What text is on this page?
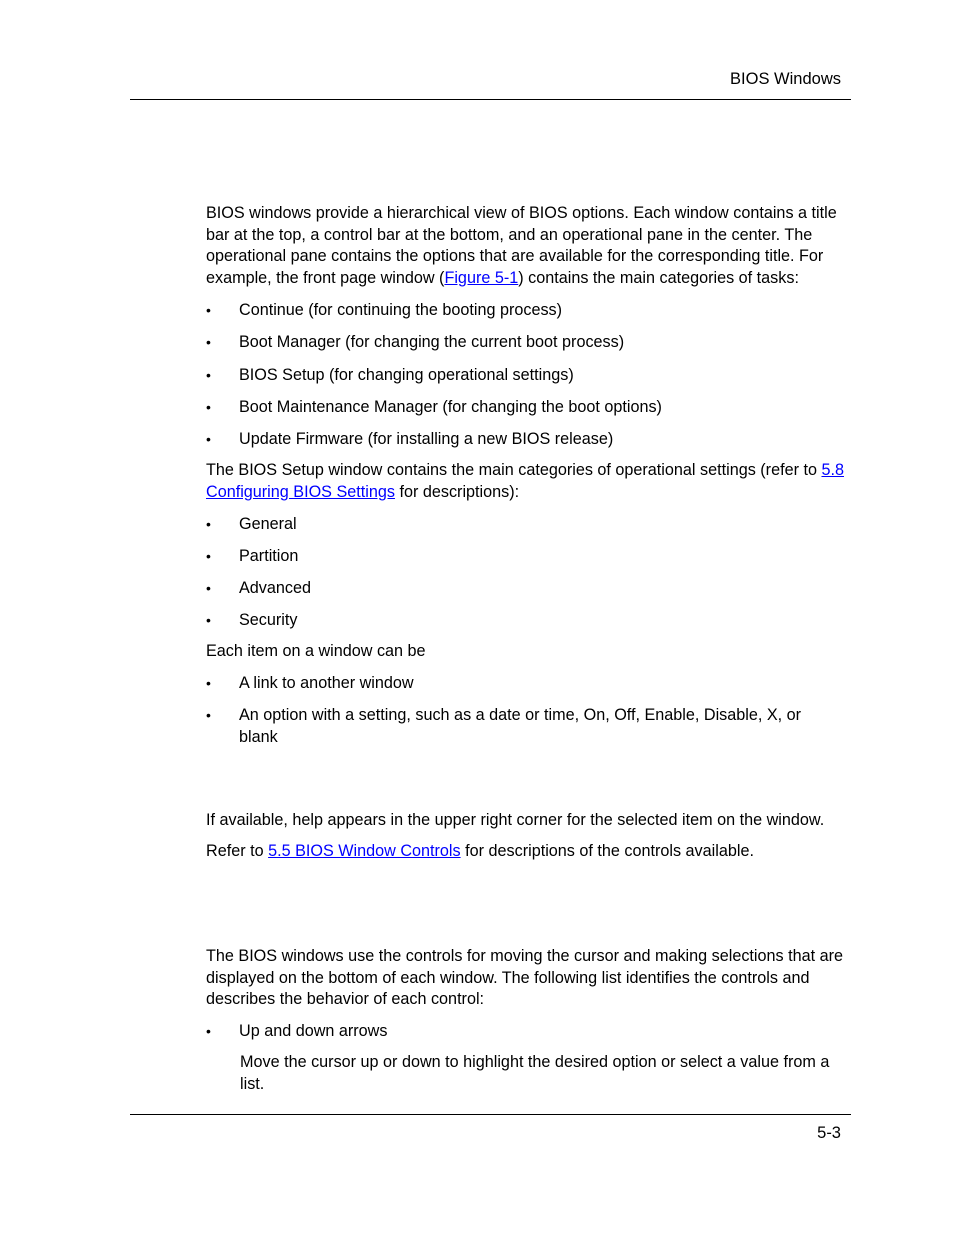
BIOS Windows

BIOS windows provide a hierarchical view of BIOS options. Each window contains a title bar at the top, a control bar at the bottom, and an operational pane in the center. The operational pane contains the options that are available for the corresponding title. For example, the front page window (Figure 5-1) contains the main categories of tasks:

•
Continue (for continuing the booting process)
•
Boot Manager (for changing the current boot process)
•
BIOS Setup (for changing operational settings)
•
Boot Maintenance Manager (for changing the boot options)
•
Update Firmware (for installing a new BIOS release)

The BIOS Setup window contains the main categories of operational settings (refer to 5.8 Configuring BIOS Settings for descriptions):

•
General
•
Partition
•
Advanced
•
Security

Each item on a window can be

•
A link to another window
•
An option with a setting, such as a date or time, On, Off, Enable, Disable, X, or blank

If available, help appears in the upper right corner for the selected item on the window.

Refer to 5.5 BIOS Window Controls for descriptions of the controls available.

The BIOS windows use the controls for moving the cursor and making selections that are displayed on the bottom of each window. The following list identifies the controls and describes the behavior of each control:

•
Up and down arrows

Move the cursor up or down to highlight the desired option or select a value from a list.

5-3
